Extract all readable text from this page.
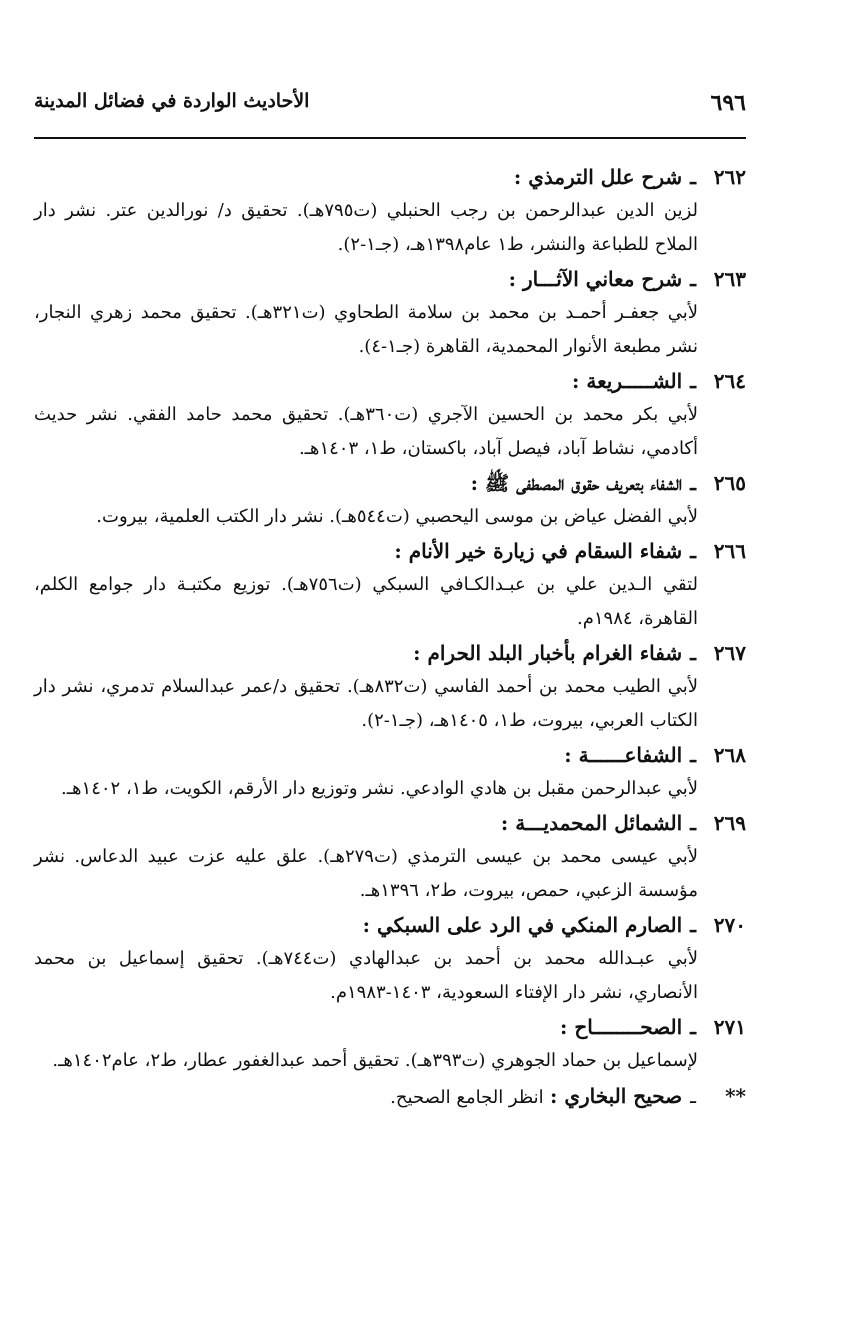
٦٩٦
الأحاديث الواردة في فضائل المدينة
٢٦٢ـشرح علل الترمذي :
لزين الدين عبدالرحمن بن رجب الحنبلي (ت٧٩٥هـ). تحقيق د/ نورالدين عتر. نشر دار الملاح للطباعة والنشر، ط١ عام١٣٩٨هـ، (جـ١-٢).
٢٦٣ـشرح معاني الآثـــار :
لأبي جعفـر أحمـد بن محمد بن سلامة الطحاوي (ت٣٢١هـ). تحقيق محمد زهري النجار، نشر مطبعة الأنوار المحمدية، القاهرة (جـ١-٤).
٢٦٤ـالشـــــريعة :
لأبي بكر محمد بن الحسين الآجري (ت٣٦٠هـ). تحقيق محمد حامد الفقي. نشر حديث أكادمي، نشاط آباد، فيصل آباد، باكستان، ط١، ١٤٠٣هـ.
٢٦٥ـالشفاء بتعريف حقوق المصطفى ﷺ :
لأبي الفضل عياض بن موسى اليحصبي (ت٥٤٤هـ). نشر دار الكتب العلمية، بيروت.
٢٦٦ـشفاء السقام في زيارة خير الأنام :
لتقي الـدين علي بن عبـدالكـافي السبكي (ت٧٥٦هـ). توزيع مكتبـة دار جوامع الكلم، القاهرة، ١٩٨٤م.
٢٦٧ـشفاء الغرام بأخبار البلد الحرام :
لأبي الطيب محمد بن أحمد الفاسي (ت٨٣٢هـ). تحقيق د/عمر عبدالسلام تدمري، نشر دار الكتاب العربي، بيروت، ط١، ١٤٠٥هـ، (جـ١-٢).
٢٦٨ـالشفاعــــــة :
لأبي عبدالرحمن مقبل بن هادي الوادعي. نشر وتوزيع دار الأرقم، الكويت، ط١، ١٤٠٢هـ.
٢٦٩ـالشمائل المحمديـــة :
لأبي عيسى محمد بن عيسى الترمذي (ت٢٧٩هـ). علق عليه عزت عبيد الدعاس. نشر مؤسسة الزعبي، حمص، بيروت، ط٢، ١٣٩٦هـ.
٢٧٠ـالصارم المنكي في الرد على السبكي :
لأبي عبـدالله محمد بن أحمد بن عبدالهادي (ت٧٤٤هـ). تحقيق إسماعيل بن محمد الأنصاري، نشر دار الإفتاء السعودية، ١٤٠٣-١٩٨٣م.
٢٧١ـالصحــــــــاح :
لإسماعيل بن حماد الجوهري (ت٣٩٣هـ). تحقيق أحمد عبدالغفور عطار، ط٢، عام١٤٠٢هـ.
**ـصحيح البخاري : انظر الجامع الصحيح.
